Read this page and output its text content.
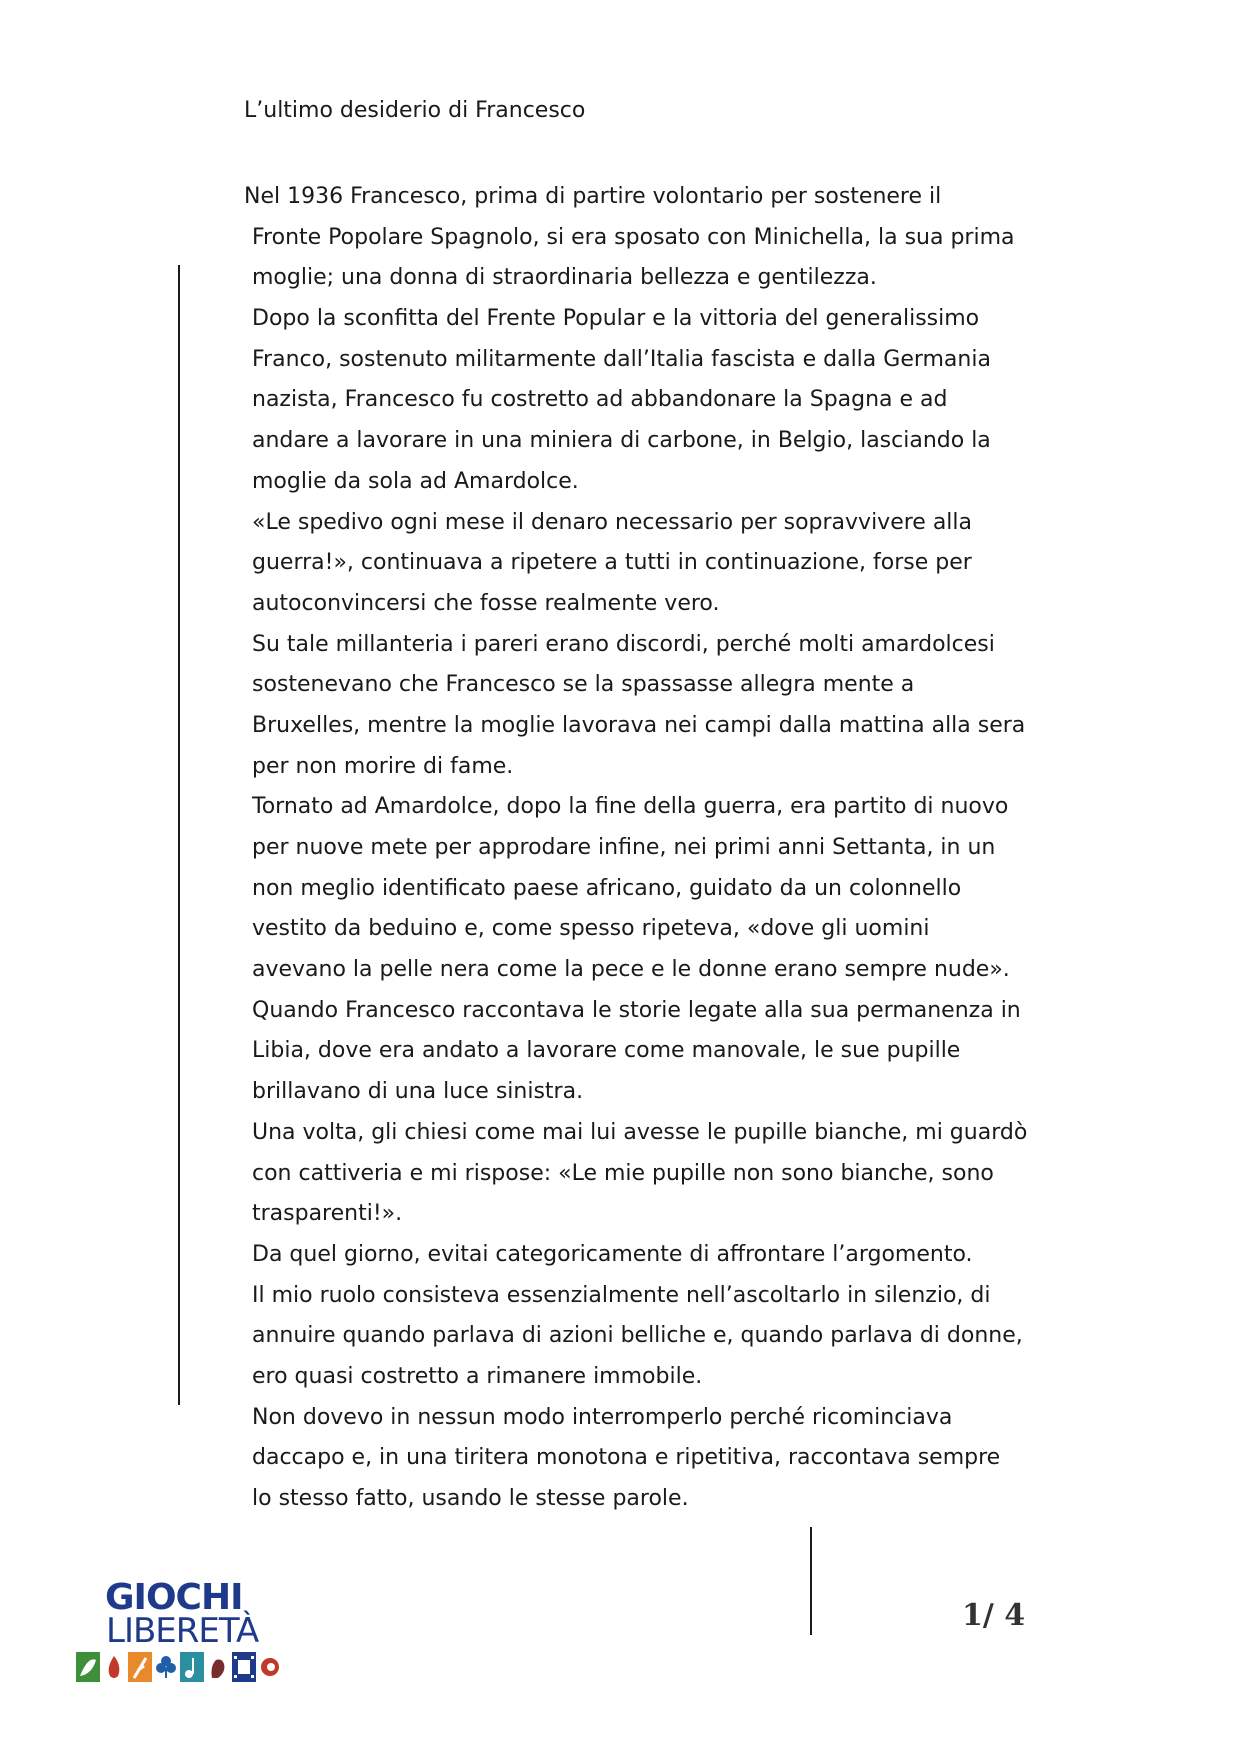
L’ultimo desiderio di Francesco
Nel 1936 Francesco, prima di partire volontario per sostenere il
Fronte Popolare Spagnolo, si era sposato con Minichella, la sua prima
moglie; una donna di straordinaria bellezza e gentilezza.
Dopo la sconfitta del Frente Popular e la vittoria del generalissimo
Franco, sostenuto militarmente dall’Italia fascista e dalla Germania
nazista, Francesco fu costretto ad abbandonare la Spagna e ad
andare a lavorare in una miniera di carbone, in Belgio, lasciando la
moglie da sola ad Amardolce.
«Le spedivo ogni mese il denaro necessario per sopravvivere alla
guerra!», continuava a ripetere a tutti in continuazione, forse per
autoconvincersi che fosse realmente vero.
Su tale millanteria i pareri erano discordi, perché molti amardolcesi
sostenevano che Francesco se la spassasse allegra mente a
Bruxelles, mentre la moglie lavorava nei campi dalla mattina alla sera
per non morire di fame.
Tornato ad Amardolce, dopo la fine della guerra, era partito di nuovo
per nuove mete per approdare infine, nei primi anni Settanta, in un
non meglio identificato paese africano, guidato da un colonnello
vestito da beduino e, come spesso ripeteva, «dove gli uomini
avevano la pelle nera come la pece e le donne erano sempre nude».
Quando Francesco raccontava le storie legate alla sua permanenza in
Libia, dove era andato a lavorare come manovale, le sue pupille
brillavano di una luce sinistra.
Una volta, gli chiesi come mai lui avesse le pupille bianche, mi guardò
con cattiveria e mi rispose: «Le mie pupille non sono bianche, sono
trasparenti!».
Da quel giorno, evitai categoricamente di affrontare l’argomento.
Il mio ruolo consisteva essenzialmente nell’ascoltarlo in silenzio, di
annuire quando parlava di azioni belliche e, quando parlava di donne,
ero quasi costretto a rimanere immobile.
Non dovevo in nessun modo interromperlo perché ricominciava
daccapo e, in una tiritera monotona e ripetitiva, raccontava sempre
lo stesso fatto, usando le stesse parole.
GIOCHI
LIBERETÀ	1/ 4
